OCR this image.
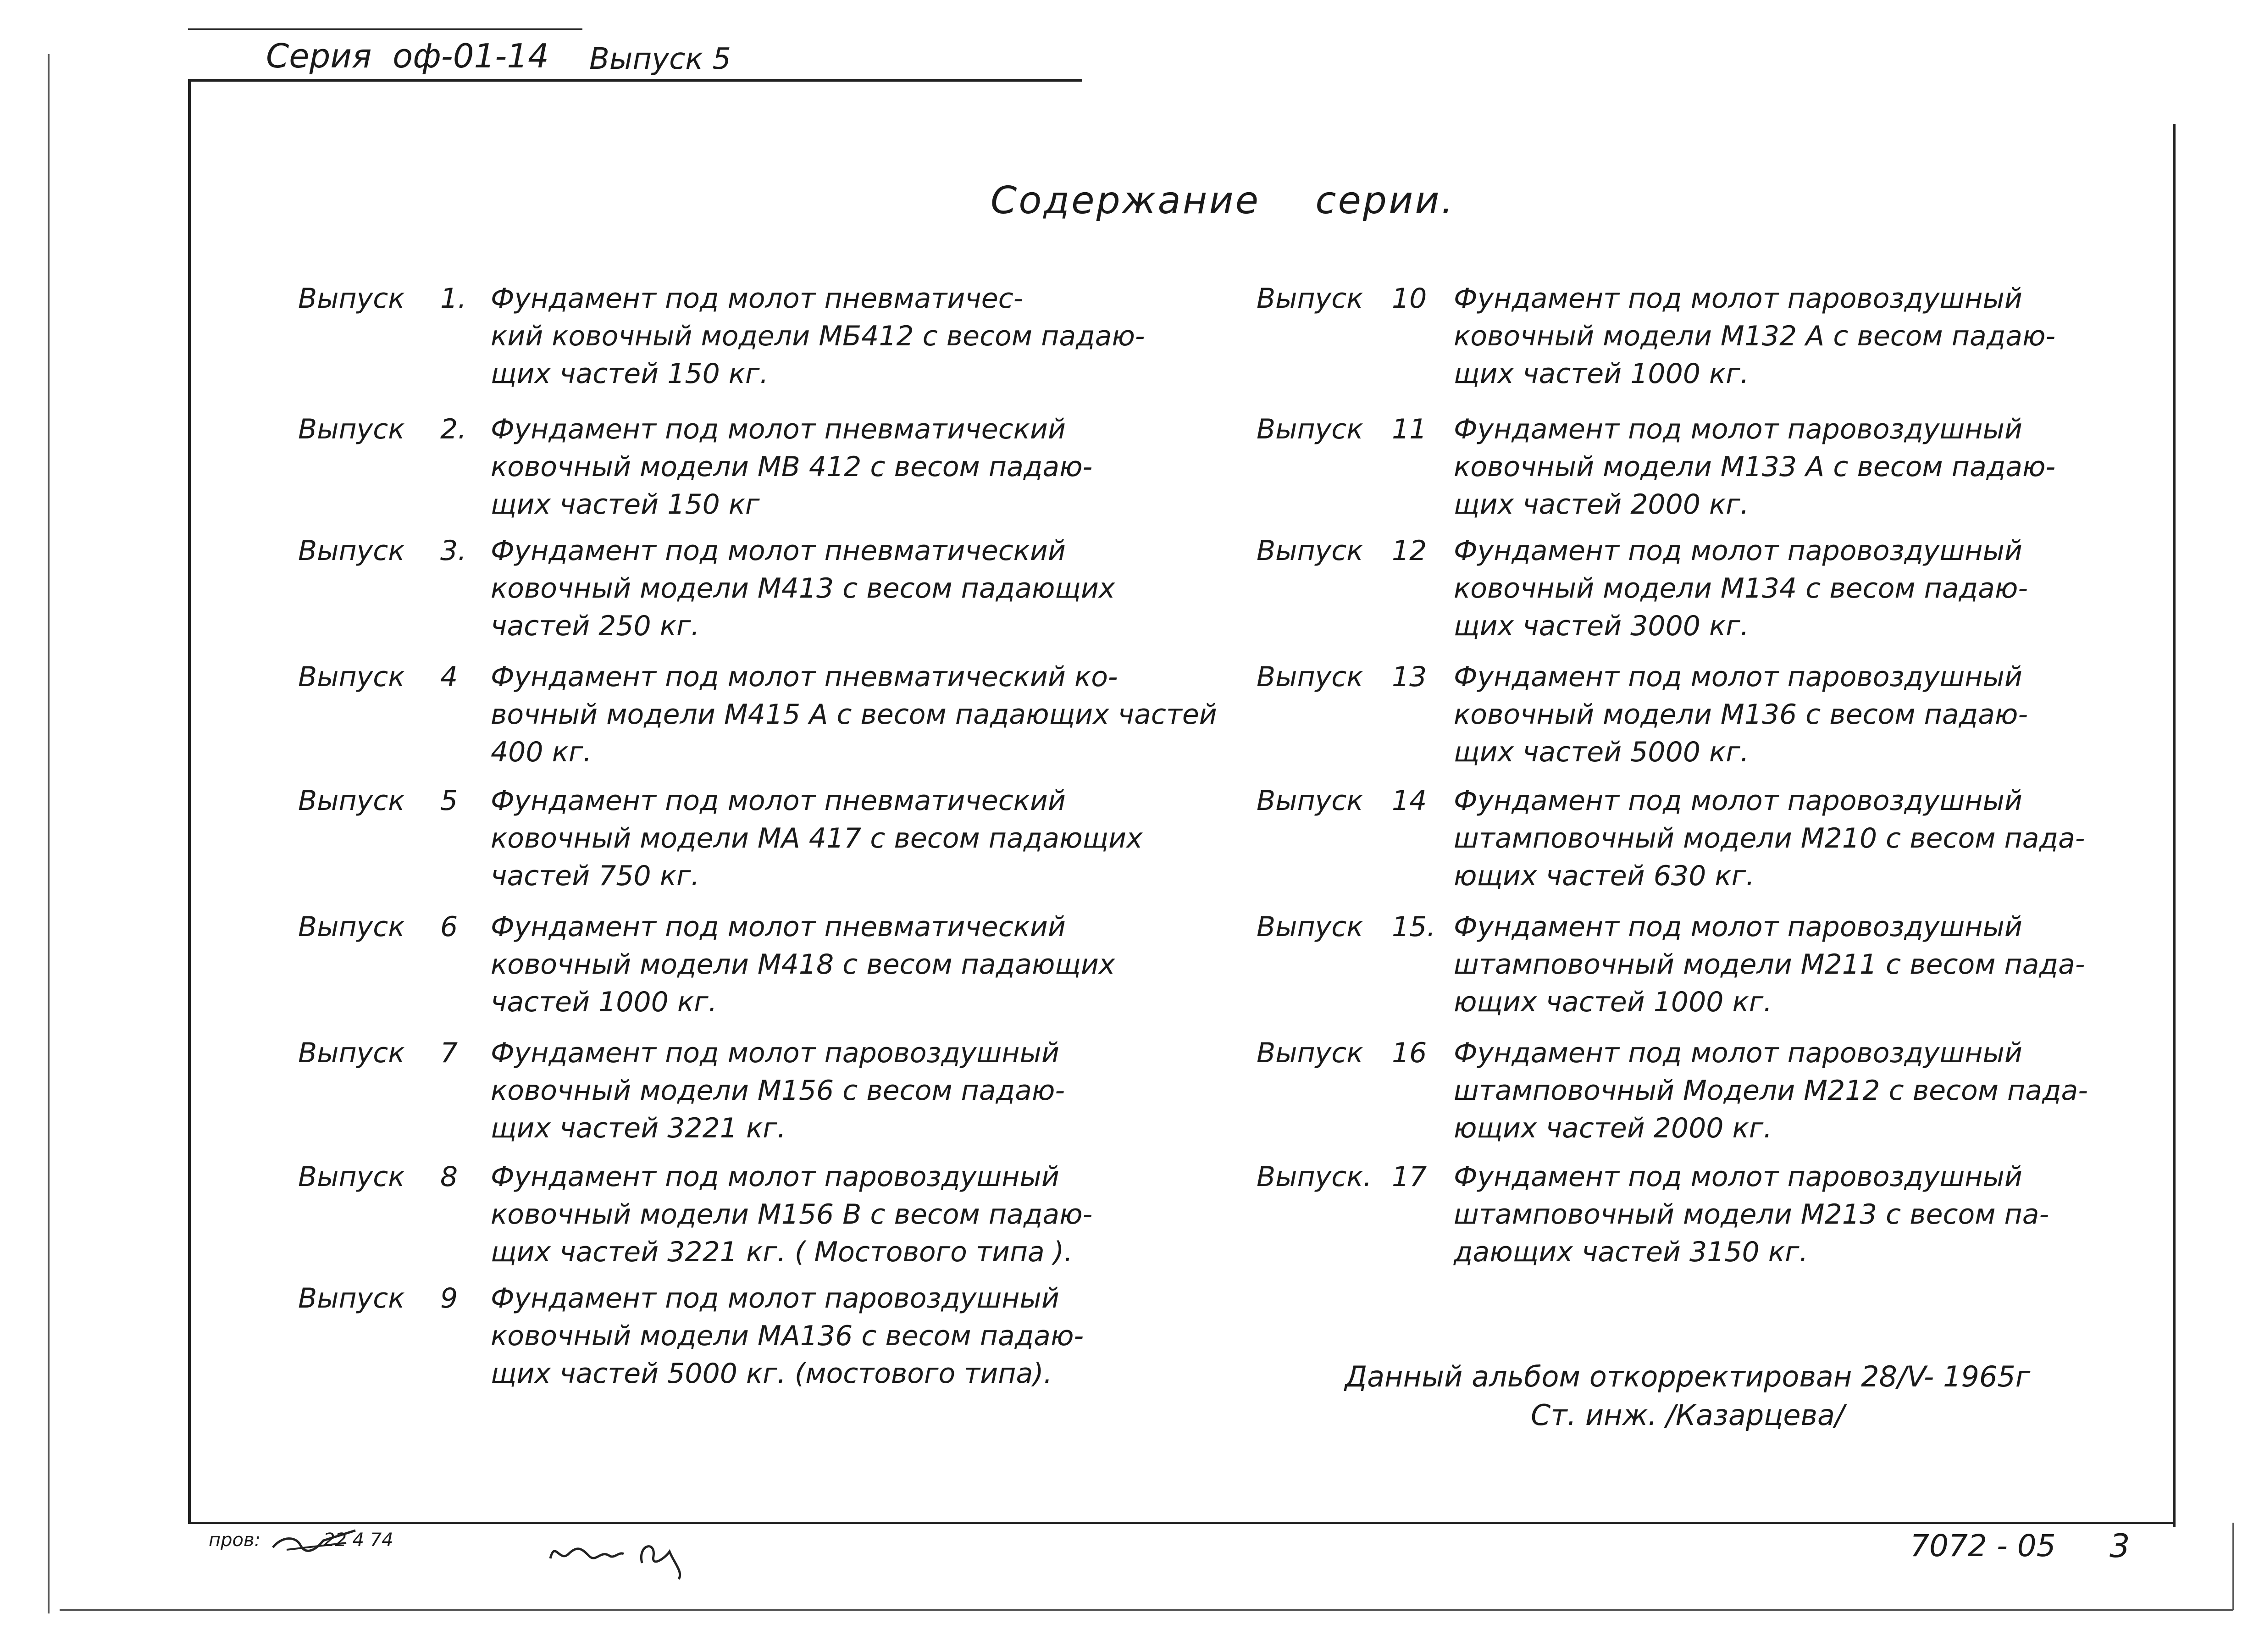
Серия  оф-01-14 Выпуск 5
Содержание    серии.
Выпуск 1. Фундамент под молот пневматичес-
кий ковочный модели МБ412 с весом падаю-
щих частей 150 кг.
Выпуск 2. Фундамент под молот пневматический
ковочный модели МВ 412 с весом падаю-
щих частей 150 кг
Выпуск 3. Фундамент под молот пневматический
ковочный модели М413 с весом падающих
частей 250 кг.
Выпуск 4 Фундамент под молот пневматический ко-
вочный модели М415 А с весом падающих частей
400 кг.
Выпуск 5 Фундамент под молот пневматический
ковочный модели МА 417 с весом падающих
частей 750 кг.
Выпуск 6 Фундамент под молот пневматический
ковочный модели М418 с весом падающих
частей 1000 кг.
Выпуск 7 Фундамент под молот паровоздушный
ковочный модели М156 с весом падаю-
щих частей 3221 кг.
Выпуск 8 Фундамент под молот паровоздушный
ковочный модели М156 В с весом падаю-
щих частей 3221 кг. ( Мостового типа ).
Выпуск 9 Фундамент под молот паровоздушный
ковочный модели МА136 с весом падаю-
щих частей 5000 кг. (мостового типа).
Выпуск 10 Фундамент под молот паровоздушный
ковочный модели М132 А с весом падаю-
щих частей 1000 кг.
Выпуск 11 Фундамент под молот паровоздушный
ковочный модели М133 А с весом падаю-
щих частей 2000 кг.
Выпуск 12 Фундамент под молот паровоздушный
ковочный модели М134 с весом падаю-
щих частей 3000 кг.
Выпуск 13 Фундамент под молот паровоздушный
ковочный модели М136 с весом падаю-
щих частей 5000 кг.
Выпуск 14 Фундамент под молот паровоздушный
штамповочный модели М210 с весом пада-
ющих частей 630 кг.
Выпуск 15. Фундамент под молот паровоздушный
штамповочный модели М211 с весом пада-
ющих частей 1000 кг.
Выпуск 16 Фундамент под молот паровоздушный
штамповочный Модели М212 с весом пада-
ющих частей 2000 кг.
Выпуск. 17 Фундамент под молот паровоздушный
штамповочный модели М213 с весом па-
дающих частей 3150 кг.
Данный альбом откорректирован 28/V- 1965г
Ст. инж. /Казарцева/
пров:	22 4 74	7072 - 05 3
